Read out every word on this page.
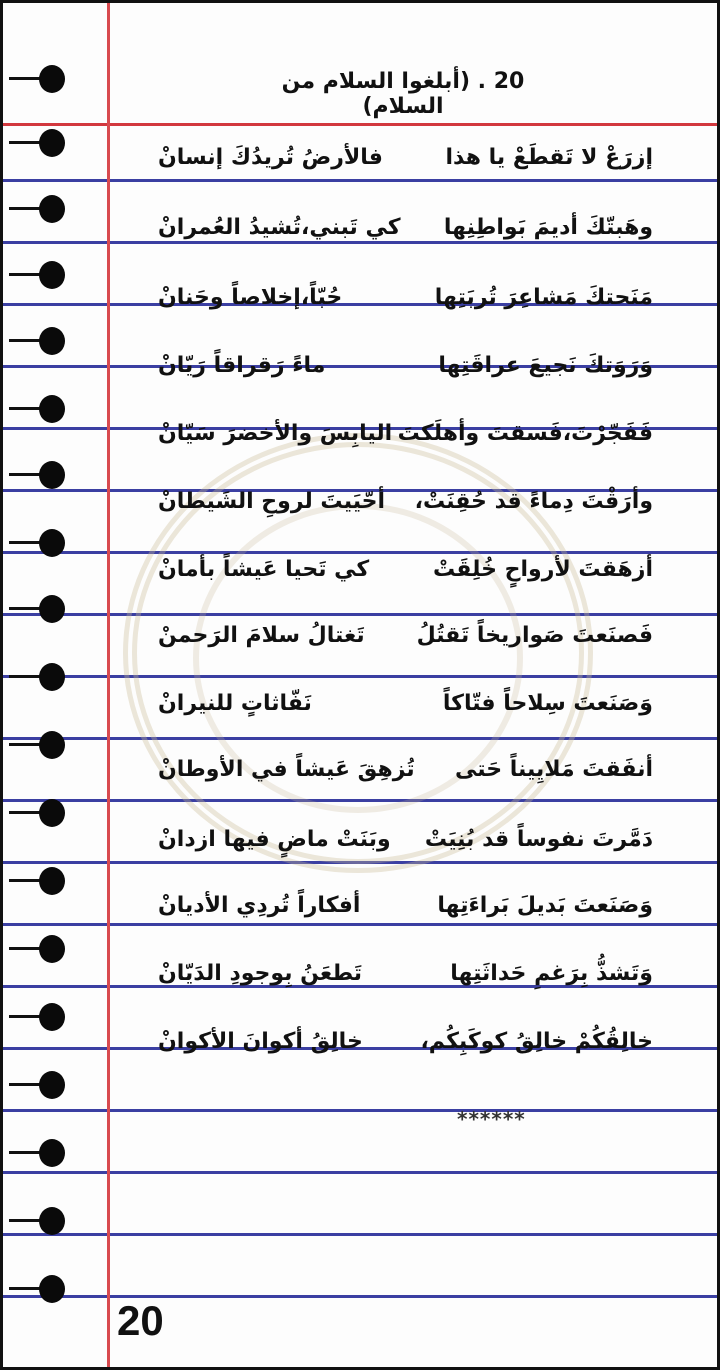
20 . (أبلغوا السلام من السلام)
إزرَعْ لا تَقطَعْ يا هذا
فالأرضُ تُريدُكَ إنسانْ
وهَبتّكَ أديمَ بَواطِنِها
كي تَبني،تُشيدُ العُمرانْ
مَنَحتكَ مَشاعِرَ تُربَتِها
حُبّاً،إخلاصاً وحَنانْ
وَرَوَتكَ نَجيعَ عراقَتِها
ماءً رَقراقاً رَيّانْ
فَفَجّرْتَ،فَسقتَ وأهلَكتَ
اليابِسَ والأخضرَ سَيّانْ
وأرَقْتَ دِماءً قد حُقِنَتْ،
أحّيَيتَ لروحِ الشَيطانْ
أزهَقتَ لأرواحٍ خُلِقَتْ
كي تَحيا عَيشاً بأمانْ
فَصنَعتَ صَواريخاً تَقتُلُ
تَغتالُ سلامَ الرَحمنْ
وَصَنَعتَ سِلاحاً فتّاكاً
نَفّاثاتٍ للنيرانْ
أنفَقتَ مَلايِيناً حَتى
تُزهِقَ عَيشاً في الأوطانْ
دَمَّرتَ نفوساً قد بُنِيَتْ
وبَنَتْ ماضٍ فيها ازدانْ
وَصَنَعتَ بَديلَ بَراءَتِها
أفكاراً تُردِي الأديانْ
وَتَشذُّ بِرَغمِ حَداثَتِها
تَطعَنُ بِوجودِ الدَيّانْ
خالِقُكُمْ خالِقُ كوكَبِكُم،
خالِقُ أكوانَ الأكوانْ
******
20
